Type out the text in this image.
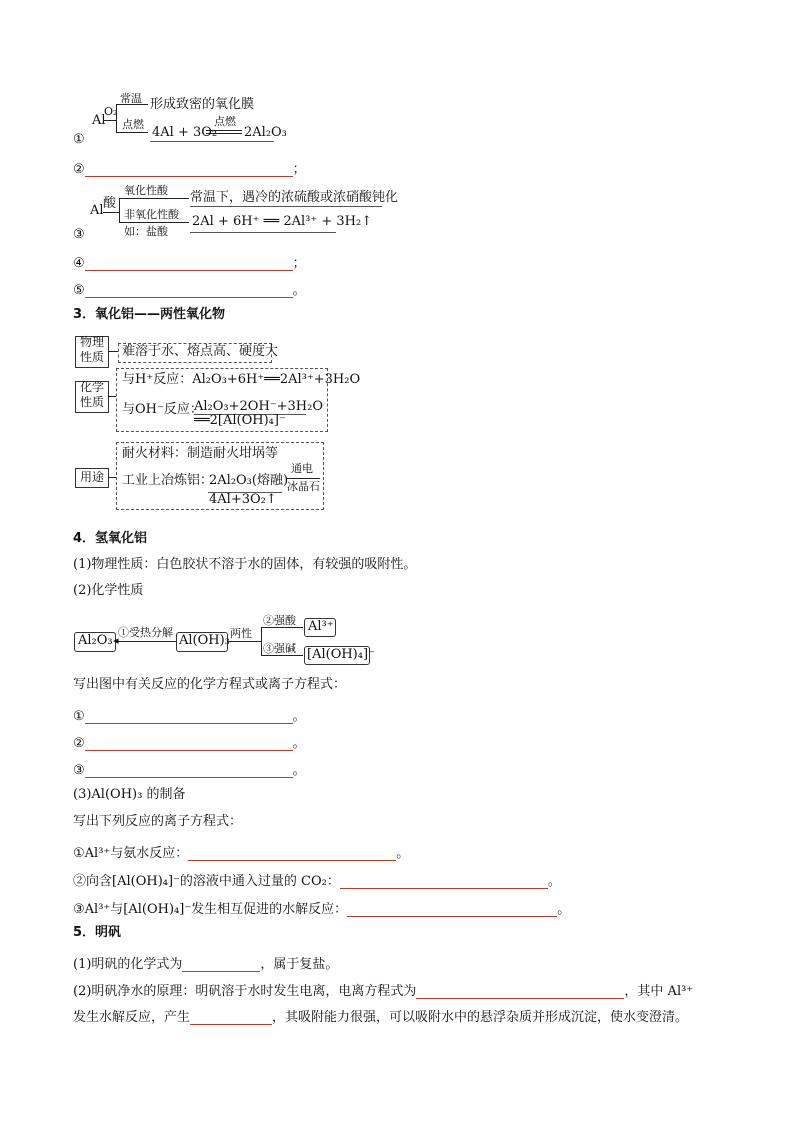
Al
O₂
常温 形成致密的氧化膜
点燃
4Al + 3O₂
点燃
2Al₂O₃
①
②	；
Al 酸
氧化性酸 常温下，遇冷的浓硫酸或浓硝酸钝化
非氧化性酸
如：盐酸
2Al + 6H⁺ ══ 2Al³⁺ + 3H₂↑
③
④	；
⑤	。
3．氧化铝——两性氧化物
物理性质 难溶于水、熔点高、硬度大
化学性质
与H⁺反应：Al₂O₃+6H⁺══2Al³⁺+3H₂O
与OH⁻反应：
Al₂O₃+2OH⁻+3H₂O
══2[Al(OH)₄]⁻
用途
耐火材料：制造耐火坩埚等
工业上冶炼铝：
2Al₂O₃(熔融)
通电
冰晶石
4Al+3O₂↑
4．氢氧化铝
(1)物理性质：白色胶状不溶于水的固体，有较强的吸附性。
(2)化学性质
Al₂O₃ ◂
①受热分解
Al(OH)₃ 两性
②强酸
③强碱
Al³⁺
[Al(OH)₄]⁻
写出图中有关反应的化学方程式或离子方程式：
①	。
②	。
③	。
(3)Al(OH)₃ 的制备
写出下列反应的离子方程式：
①Al³⁺与氨水反应：	。
②向含[Al(OH)₄]⁻的溶液中通入过量的 CO₂：	。
③Al³⁺与[Al(OH)₄]⁻发生相互促进的水解反应：	。
5．明矾
(1)明矾的化学式为	，属于复盐。
(2)明矾净水的原理：明矾溶于水时发生电离，电离方程式为	，其中 Al³⁺
发生水解反应，产生	，其吸附能力很强，可以吸附水中的悬浮杂质并形成沉淀，使水变澄清。
